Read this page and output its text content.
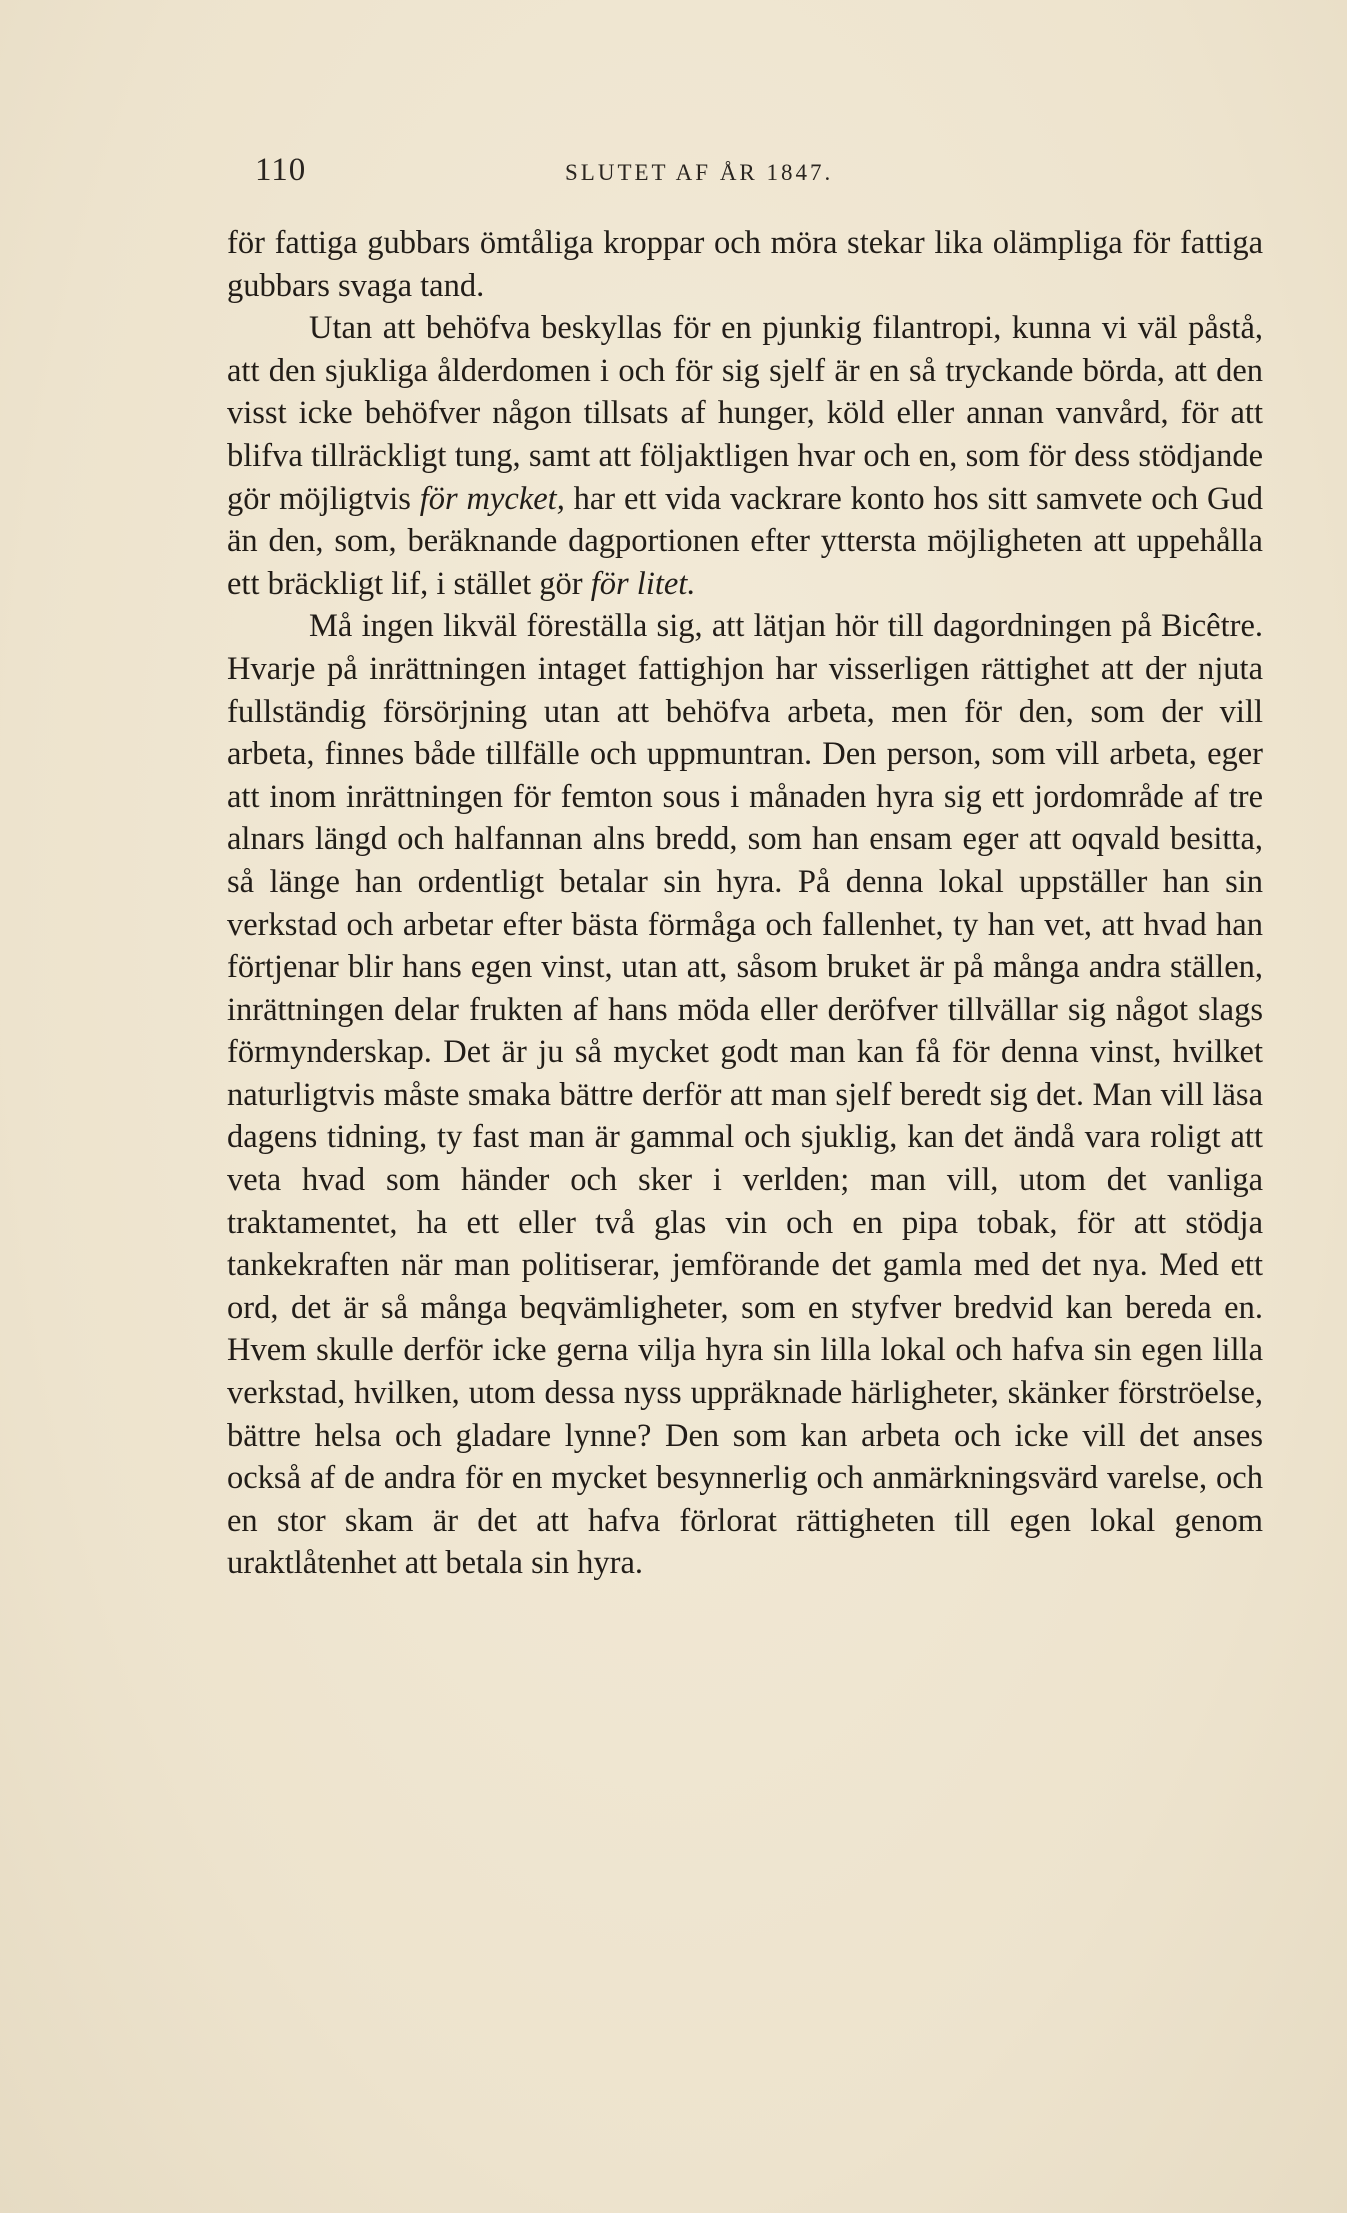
110	SLUTET AF ÅR 1847.

för fattiga gubbars ömtåliga kroppar och möra stekar lika olämpliga för fattiga gubbars svaga tand.

Utan att behöfva beskyllas för en pjunkig filantropi, kunna vi väl påstå, att den sjukliga ålderdomen i och för sig sjelf är en så tryckande börda, att den visst icke behöfver någon tillsats af hunger, köld eller annan vanvård, för att blifva tillräckligt tung, samt att följaktligen hvar och en, som för dess stödjande gör möjligtvis för mycket, har ett vida vackrare konto hos sitt samvete och Gud än den, som, beräknande dagportionen efter yttersta möjligheten att uppehålla ett bräckligt lif, i stället gör för litet.

Må ingen likväl föreställa sig, att lätjan hör till dagordningen på Bicêtre. Hvarje på inrättningen intaget fattighjon har visserligen rättighet att der njuta fullständig försörjning utan att behöfva arbeta, men för den, som der vill arbeta, finnes både tillfälle och uppmuntran. Den person, som vill arbeta, eger att inom inrättningen för femton sous i månaden hyra sig ett jordområde af tre alnars längd och halfannan alns bredd, som han ensam eger att oqvald besitta, så länge han ordentligt betalar sin hyra. På denna lokal uppställer han sin verkstad och arbetar efter bästa förmåga och fallenhet, ty han vet, att hvad han förtjenar blir hans egen vinst, utan att, såsom bruket är på många andra ställen, inrättningen delar frukten af hans möda eller deröfver tillvällar sig något slags förmynderskap. Det är ju så mycket godt man kan få för denna vinst, hvilket naturligtvis måste smaka bättre derför att man sjelf beredt sig det. Man vill läsa dagens tidning, ty fast man är gammal och sjuklig, kan det ändå vara roligt att veta hvad som händer och sker i verlden; man vill, utom det vanliga traktamentet, ha ett eller två glas vin och en pipa tobak, för att stödja tankekraften när man politiserar, jemförande det gamla med det nya. Med ett ord, det är så många beqvämligheter, som en styfver bredvid kan bereda en. Hvem skulle derför icke gerna vilja hyra sin lilla lokal och hafva sin egen lilla verkstad, hvilken, utom dessa nyss uppräknade härligheter, skänker förströelse, bättre helsa och gladare lynne? Den som kan arbeta och icke vill det anses också af de andra för en mycket besynnerlig och anmärkningsvärd varelse, och en stor skam är det att hafva förlorat rättigheten till egen lokal genom uraktlåtenhet att betala sin hyra.
